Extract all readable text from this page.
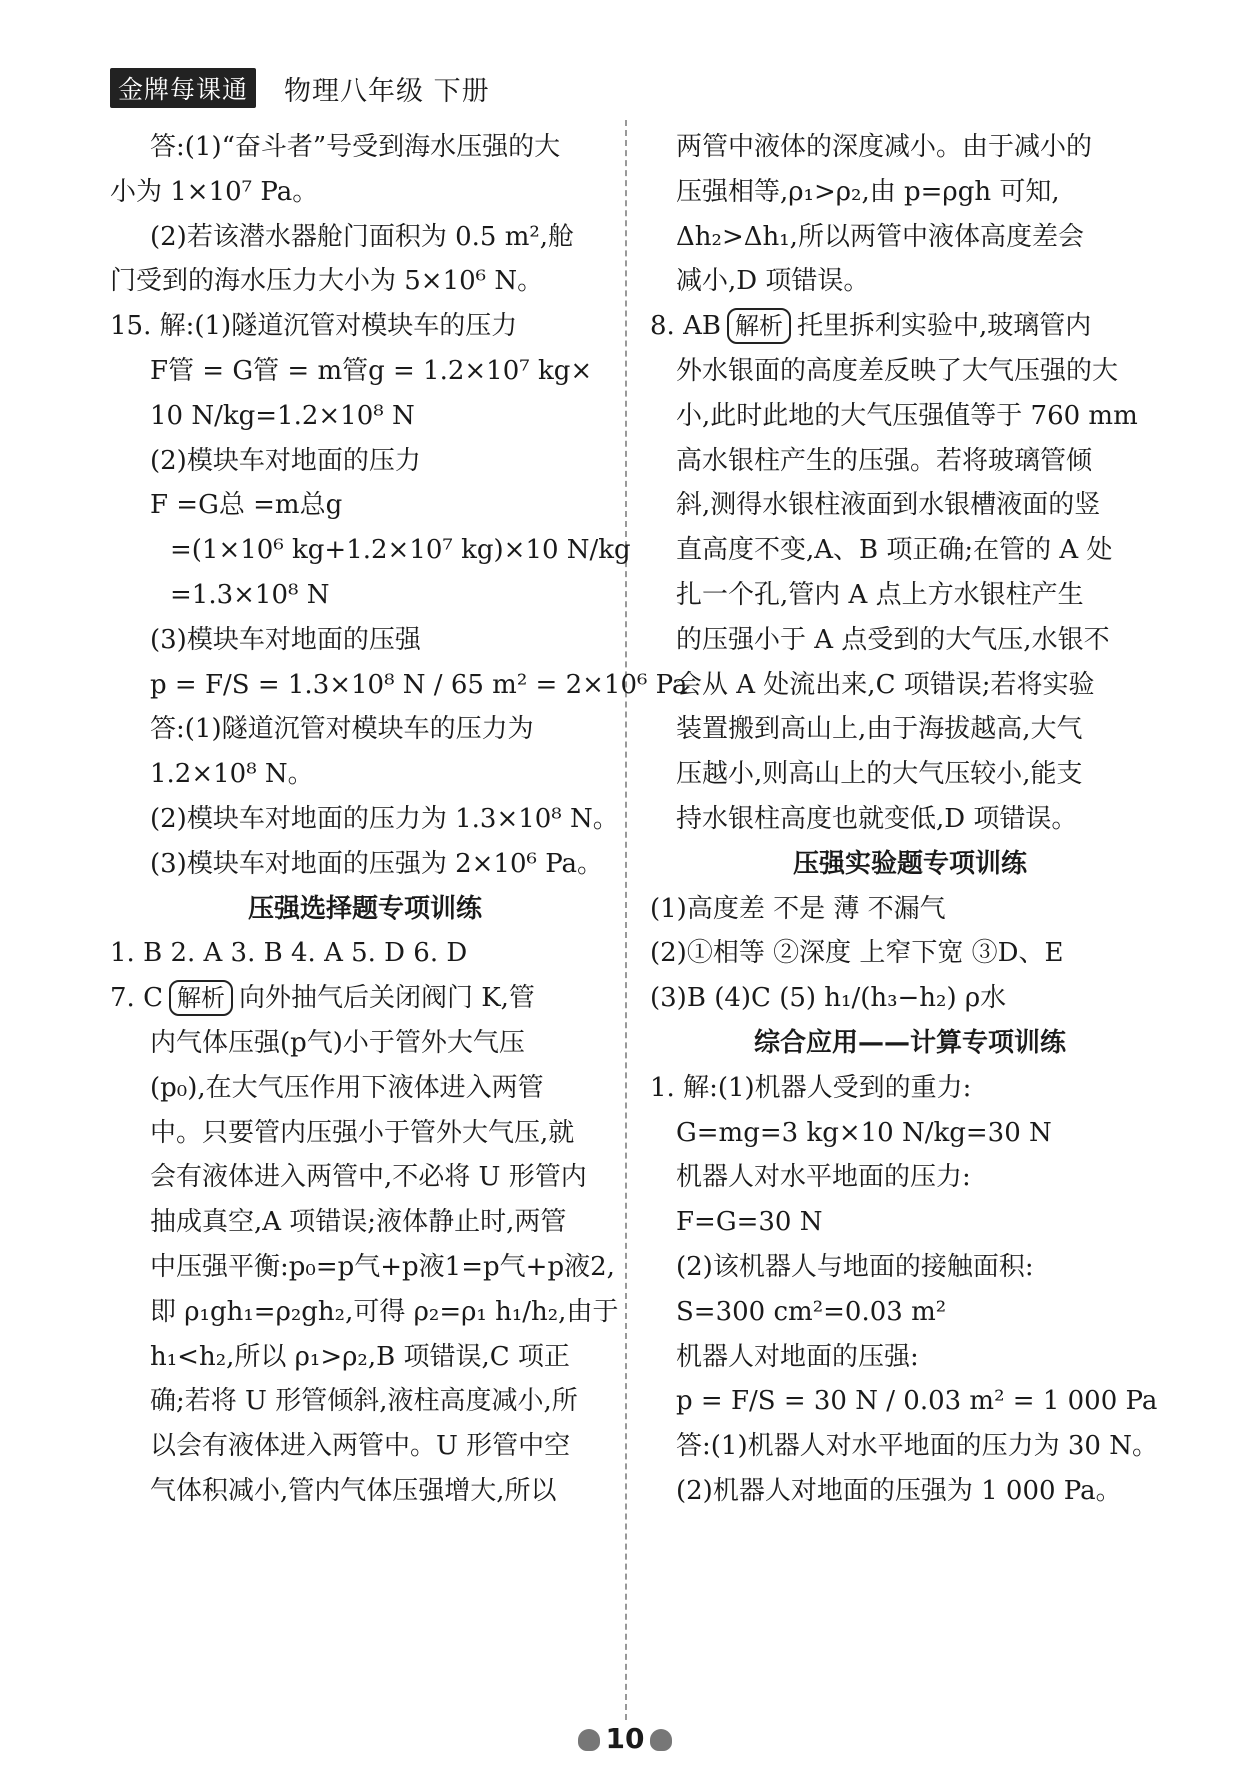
金牌每课通 物理八年级 下册
答:(1)“奋斗者”号受到海水压强的大
小为 1×10⁷ Pa。
(2)若该潜水器舱门面积为 0.5 m²,舱
门受到的海水压力大小为 5×10⁶ N。
15. 解:(1)隧道沉管对模块车的压力
F管 = G管 = m管g = 1.2×10⁷ kg×
10 N/kg=1.2×10⁸ N
(2)模块车对地面的压力
F =G总 =m总g
=(1×10⁶ kg+1.2×10⁷ kg)×10 N/kg
=1.3×10⁸ N
(3)模块车对地面的压强
p = F/S = 1.3×10⁸ N / 65 m² = 2×10⁶ Pa
答:(1)隧道沉管对模块车的压力为
1.2×10⁸ N。
(2)模块车对地面的压力为 1.3×10⁸ N。
(3)模块车对地面的压强为 2×10⁶ Pa。
压强选择题专项训练
1. B 2. A 3. B 4. A 5. D 6. D
7. C 解析 向外抽气后关闭阀门 K,管
内气体压强(p气)小于管外大气压
(p₀),在大气压作用下液体进入两管
中。只要管内压强小于管外大气压,就
会有液体进入两管中,不必将 U 形管内
抽成真空,A 项错误;液体静止时,两管
中压强平衡:p₀=p气+p液1=p气+p液2,
即 ρ₁gh₁=ρ₂gh₂,可得 ρ₂=ρ₁ h₁/h₂,由于
h₁<h₂,所以 ρ₁>ρ₂,B 项错误,C 项正
确;若将 U 形管倾斜,液柱高度减小,所
以会有液体进入两管中。U 形管中空
气体积减小,管内气体压强增大,所以
两管中液体的深度减小。由于减小的
压强相等,ρ₁>ρ₂,由 p=ρgh 可知,
Δh₂>Δh₁,所以两管中液体高度差会
减小,D 项错误。
8. AB 解析 托里拆利实验中,玻璃管内
外水银面的高度差反映了大气压强的大
小,此时此地的大气压强值等于 760 mm
高水银柱产生的压强。若将玻璃管倾
斜,测得水银柱液面到水银槽液面的竖
直高度不变,A、B 项正确;在管的 A 处
扎一个孔,管内 A 点上方水银柱产生
的压强小于 A 点受到的大气压,水银不
会从 A 处流出来,C 项错误;若将实验
装置搬到高山上,由于海拔越高,大气
压越小,则高山上的大气压较小,能支
持水银柱高度也就变低,D 项错误。
压强实验题专项训练
(1)高度差 不是 薄 不漏气
(2)①相等 ②深度 上窄下宽 ③D、E
(3)B (4)C (5) h₁/(h₃−h₂) ρ水
综合应用——计算专项训练
1. 解:(1)机器人受到的重力:
G=mg=3 kg×10 N/kg=30 N
机器人对水平地面的压力:
F=G=30 N
(2)该机器人与地面的接触面积:
S=300 cm²=0.03 m²
机器人对地面的压强:
p = F/S = 30 N / 0.03 m² = 1 000 Pa
答:(1)机器人对水平地面的压力为 30 N。
(2)机器人对地面的压强为 1 000 Pa。
10
